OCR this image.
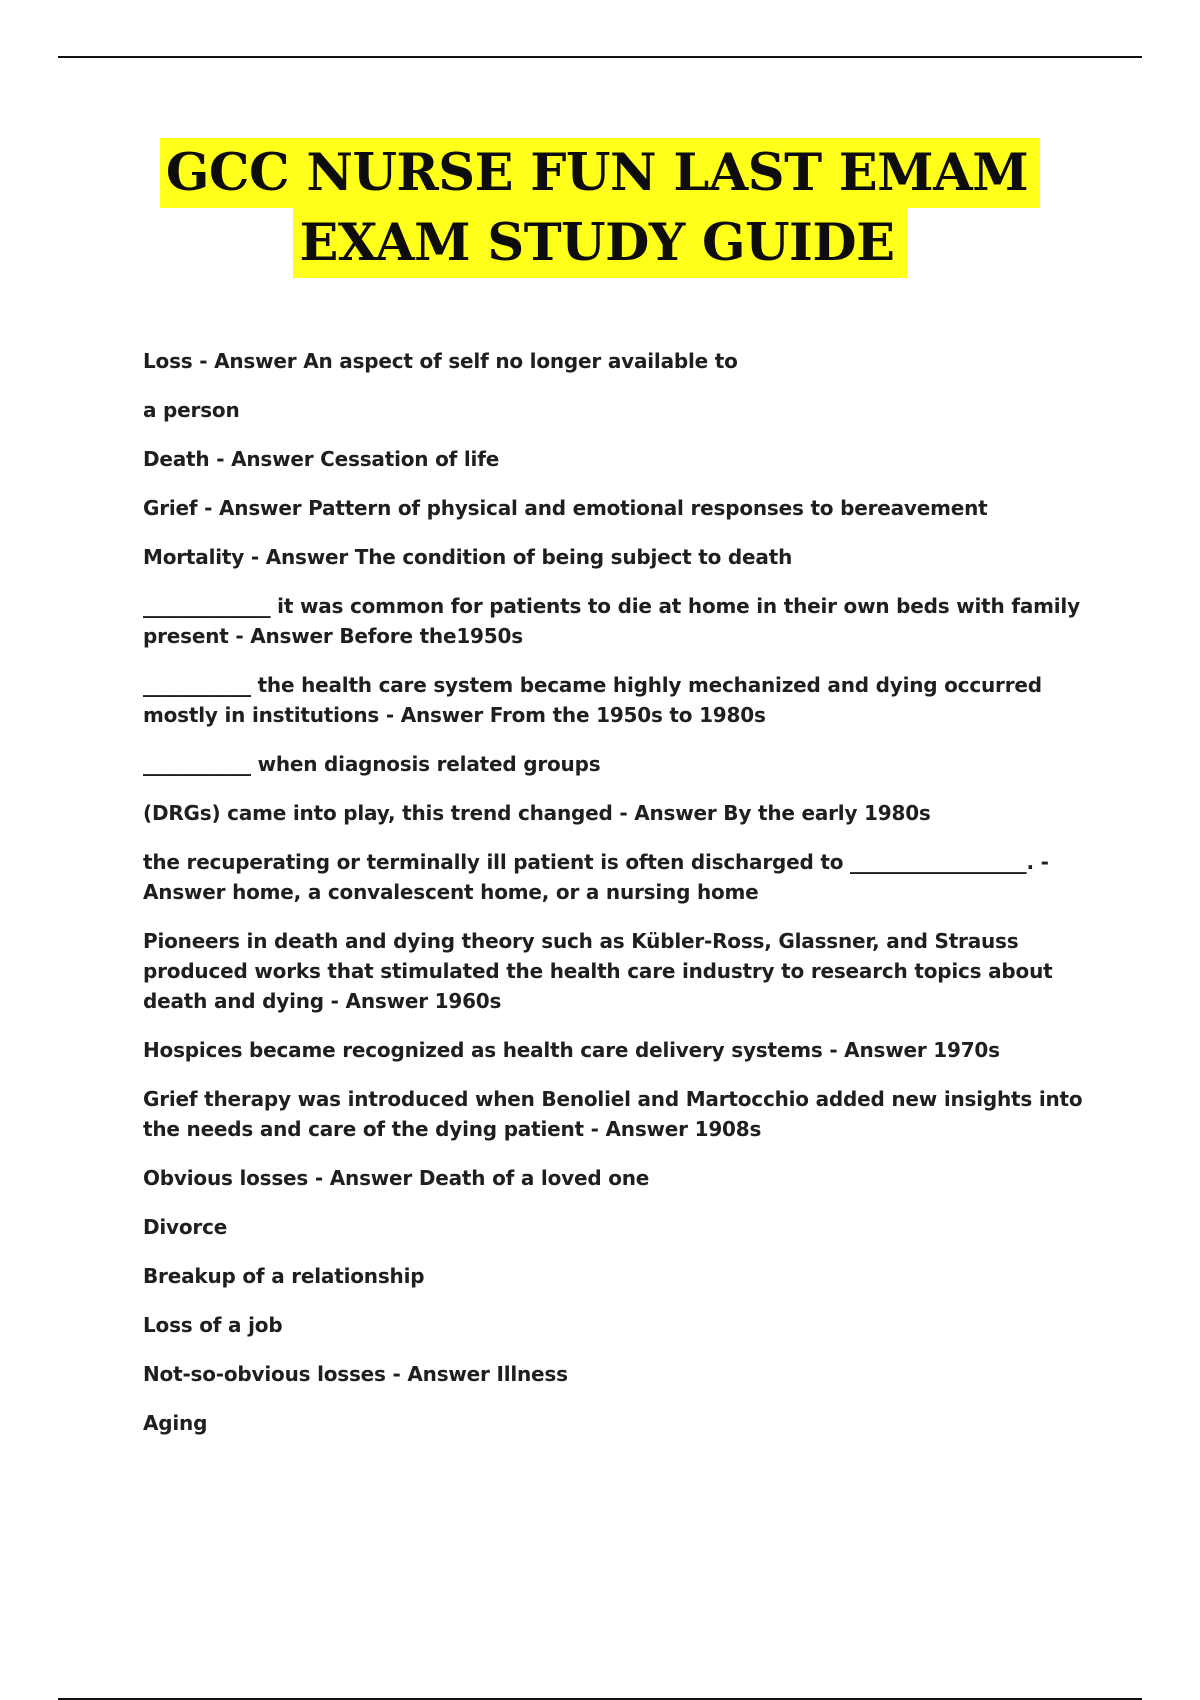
GCC NURSE FUN LAST EMAM
EXAM STUDY GUIDE

Loss - Answer An aspect of self no longer available to

a person

Death - Answer Cessation of life

Grief - Answer Pattern of physical and emotional responses to bereavement

Mortality - Answer The condition of being subject to death

_____________ it was common for patients to die at home in their own beds with family present - Answer Before the1950s

___________ the health care system became highly mechanized and dying occurred mostly in institutions - Answer From the 1950s to 1980s

___________ when diagnosis related groups

(DRGs) came into play, this trend changed - Answer By the early 1980s

the recuperating or terminally ill patient is often discharged to __________________. - Answer home, a convalescent home, or a nursing home

Pioneers in death and dying theory such as Kübler-Ross, Glassner, and Strauss produced works that stimulated the health care industry to research topics about death and dying - Answer 1960s

Hospices became recognized as health care delivery systems - Answer 1970s

Grief therapy was introduced when Benoliel and Martocchio added new insights into the needs and care of the dying patient - Answer 1908s

Obvious losses - Answer Death of a loved one

Divorce

Breakup of a relationship

Loss of a job

Not-so-obvious losses - Answer Illness

Aging
